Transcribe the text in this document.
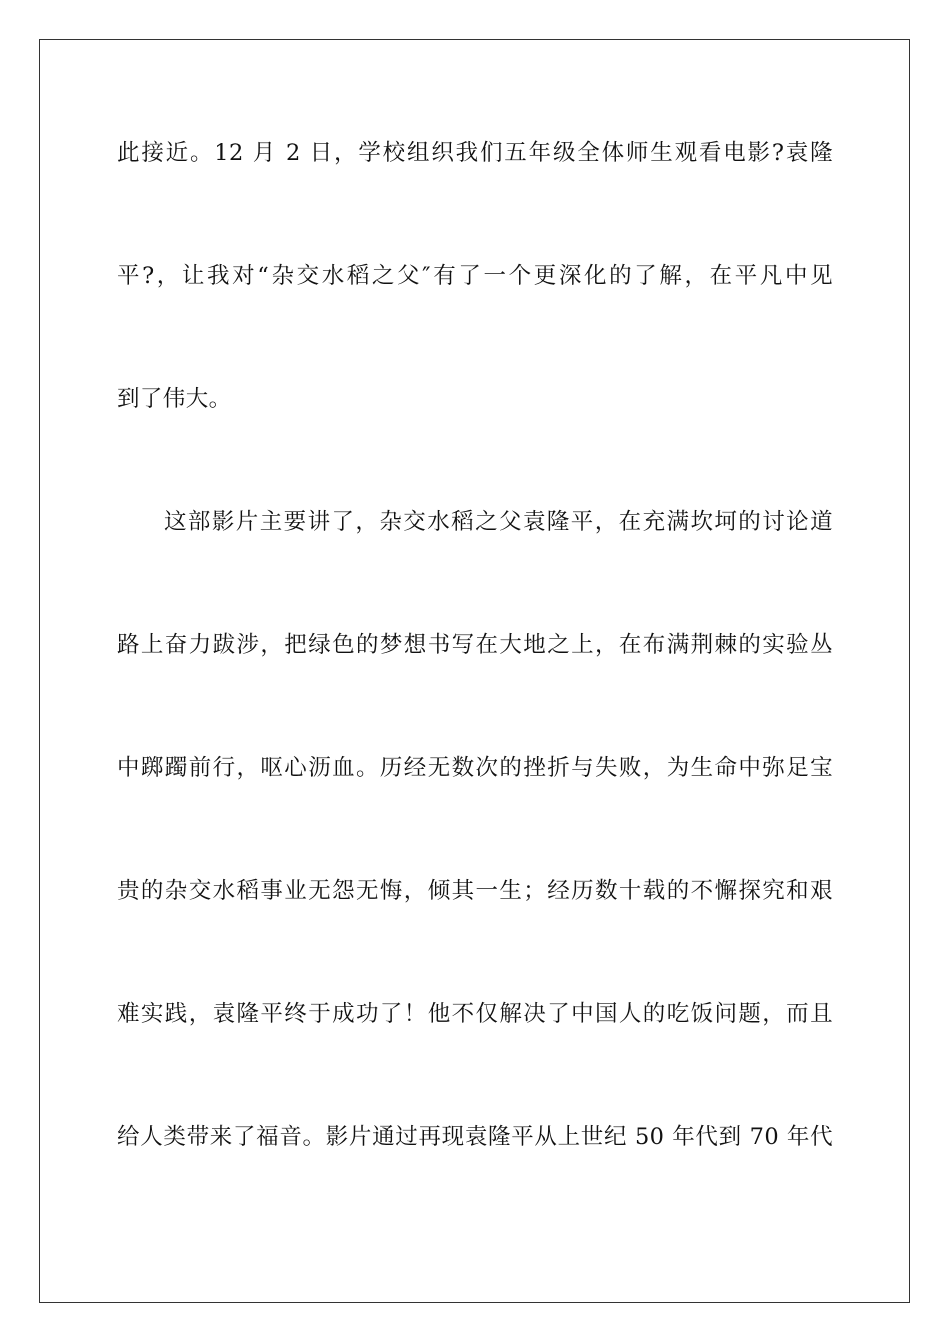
此接近。12 月 2 日，学校组织我们五年级全体师生观看电影?袁隆
平?，让我对“杂交水稻之父″有了一个更深化的了解，在平凡中见
到了伟大。
这部影片主要讲了，杂交水稻之父袁隆平，在充满坎坷的讨论道
路上奋力跋涉，把绿色的梦想书写在大地之上，在布满荆棘的实验丛
中踯躅前行，呕心沥血。历经无数次的挫折与失败，为生命中弥足宝
贵的杂交水稻事业无怨无悔，倾其一生；经历数十载的不懈探究和艰
难实践，袁隆平终于成功了！他不仅解决了中国人的吃饭问题，而且
给人类带来了福音。影片通过再现袁隆平从上世纪 50 年代到 70 年代
